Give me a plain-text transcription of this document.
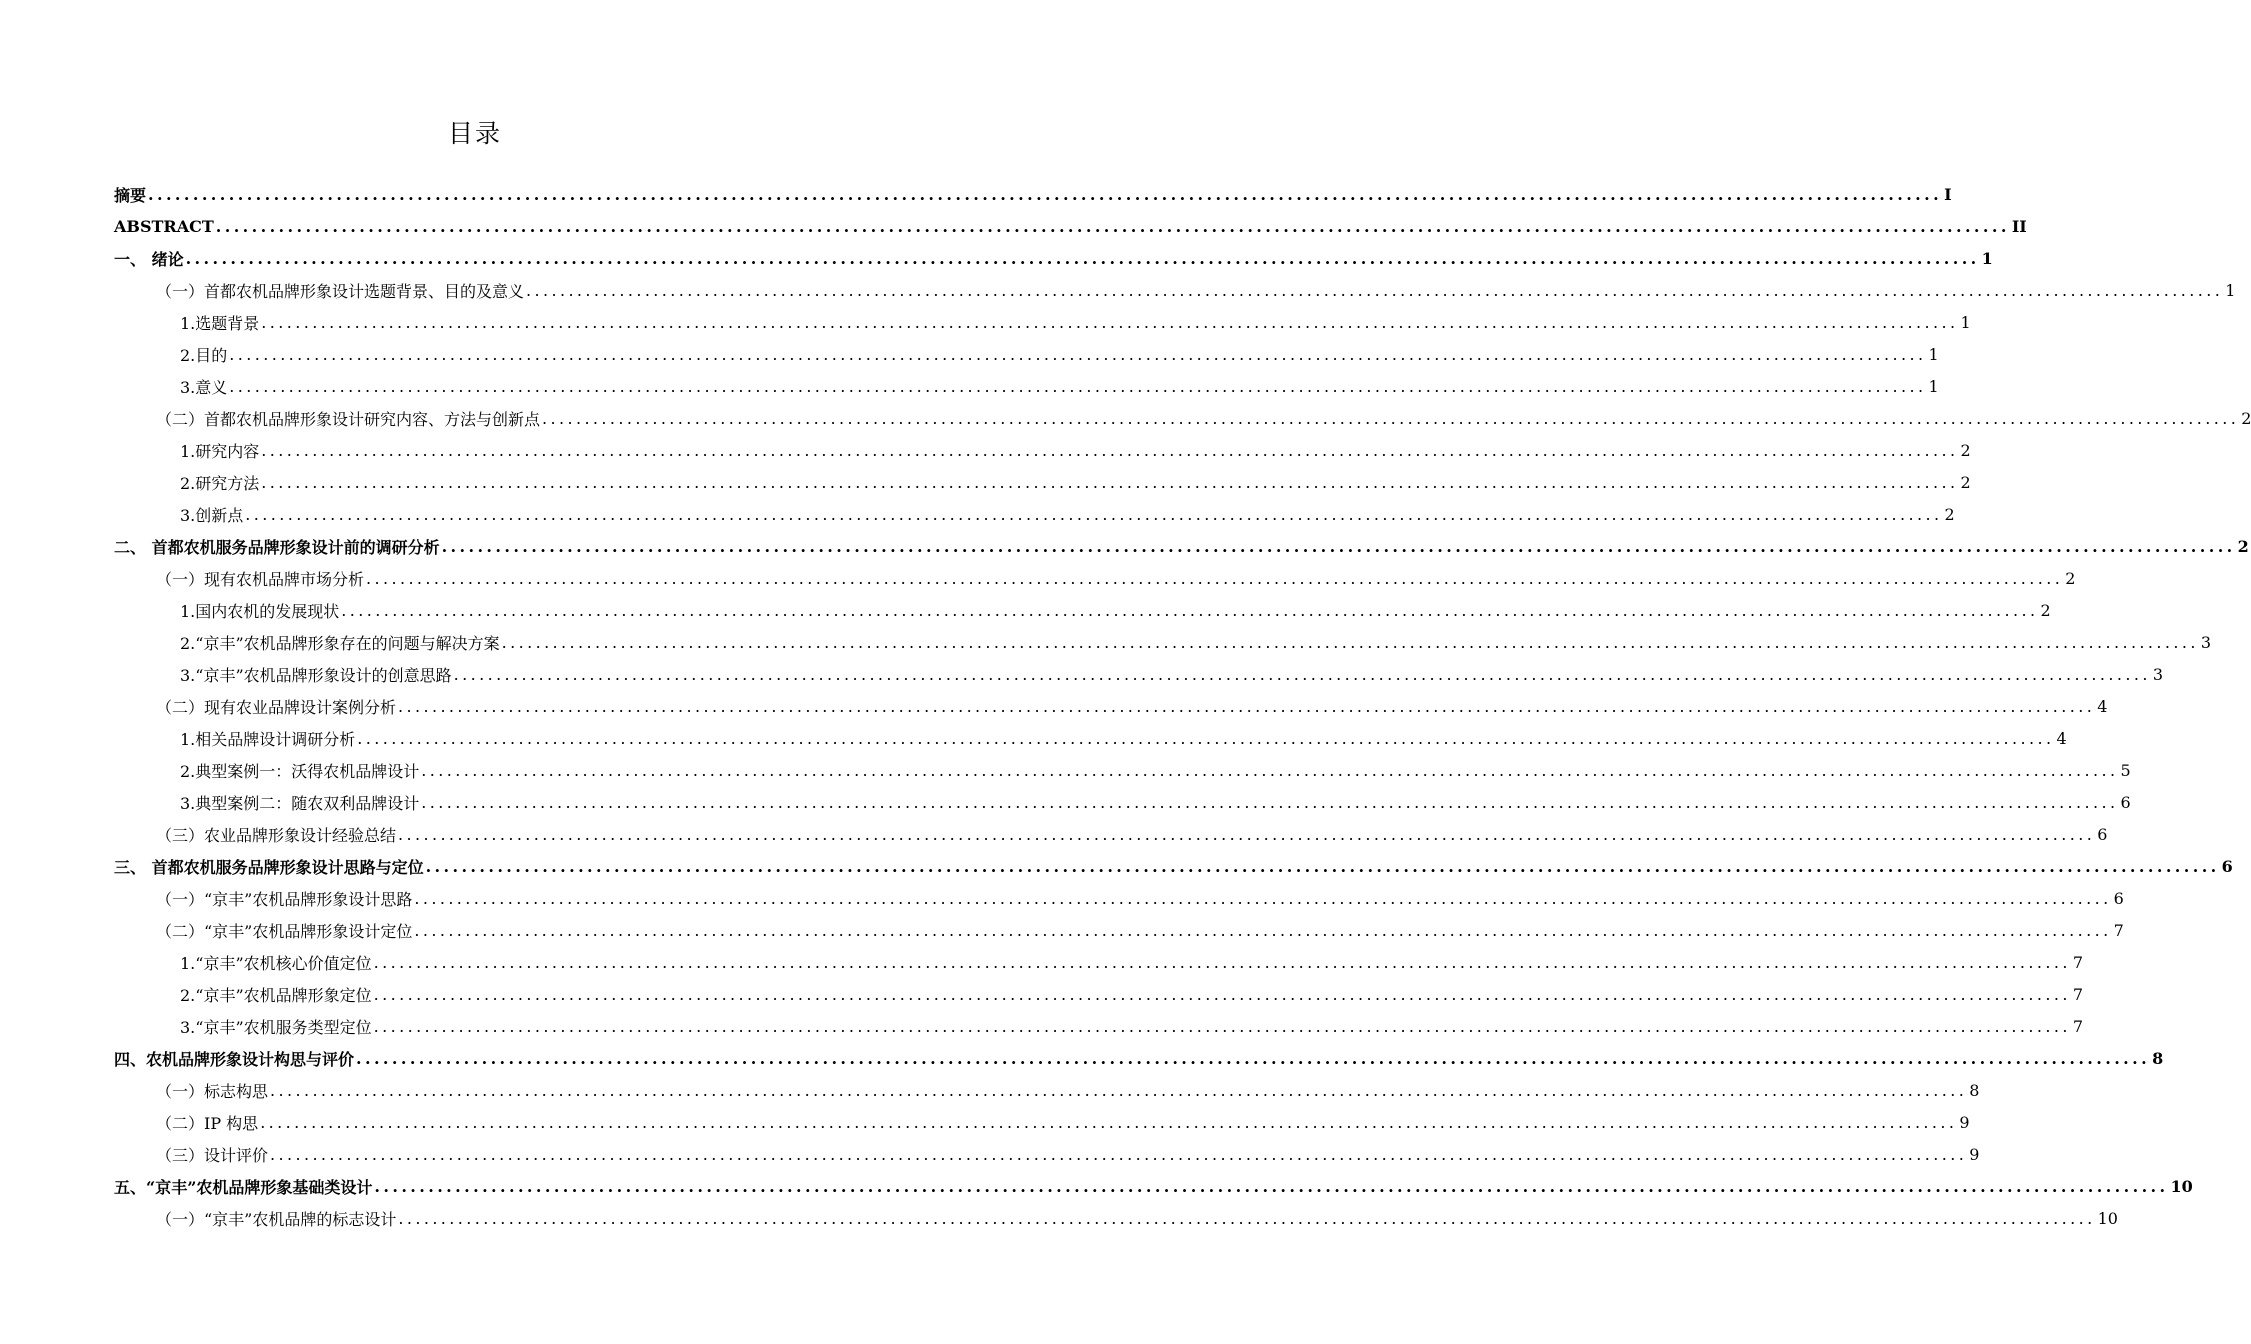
目录
摘要 ........................................................................................................................................................................................................ I
ABSTRACT ........................................................................................................................................................................................................ II
一、 绪论 ........................................................................................................................................................................................................ 1
（一）首都农机品牌形象设计选题背景、目的及意义 ........................................................................................................................................................................................................ 1
1.选题背景 ........................................................................................................................................................................................................ 1
2.目的 ........................................................................................................................................................................................................ 1
3.意义 ........................................................................................................................................................................................................ 1
（二）首都农机品牌形象设计研究内容、方法与创新点 ........................................................................................................................................................................................................ 2
1.研究内容 ........................................................................................................................................................................................................ 2
2.研究方法 ........................................................................................................................................................................................................ 2
3.创新点 ........................................................................................................................................................................................................ 2
二、 首都农机服务品牌形象设计前的调研分析 ........................................................................................................................................................................................................ 2
（一）现有农机品牌市场分析 ........................................................................................................................................................................................................ 2
1.国内农机的发展现状 ........................................................................................................................................................................................................ 2
2.“京丰”农机品牌形象存在的问题与解决方案 ........................................................................................................................................................................................................ 3
3.“京丰”农机品牌形象设计的创意思路 ........................................................................................................................................................................................................ 3
（二）现有农业品牌设计案例分析 ........................................................................................................................................................................................................ 4
1.相关品牌设计调研分析 ........................................................................................................................................................................................................ 4
2.典型案例一：沃得农机品牌设计 ........................................................................................................................................................................................................ 5
3.典型案例二：随农双利品牌设计 ........................................................................................................................................................................................................ 6
（三）农业品牌形象设计经验总结 ........................................................................................................................................................................................................ 6
三、 首都农机服务品牌形象设计思路与定位 ........................................................................................................................................................................................................ 6
（一）“京丰”农机品牌形象设计思路 ........................................................................................................................................................................................................ 6
（二）“京丰”农机品牌形象设计定位 ........................................................................................................................................................................................................ 7
1.“京丰”农机核心价值定位 ........................................................................................................................................................................................................ 7
2.“京丰”农机品牌形象定位 ........................................................................................................................................................................................................ 7
3.“京丰”农机服务类型定位 ........................................................................................................................................................................................................ 7
四、农机品牌形象设计构思与评价 ........................................................................................................................................................................................................ 8
（一）标志构思 ........................................................................................................................................................................................................ 8
（二）IP 构思 ........................................................................................................................................................................................................ 9
（三）设计评价 ........................................................................................................................................................................................................ 9
五、“京丰”农机品牌形象基础类设计 ........................................................................................................................................................................................................ 10
（一）“京丰”农机品牌的标志设计 ........................................................................................................................................................................................................ 10
